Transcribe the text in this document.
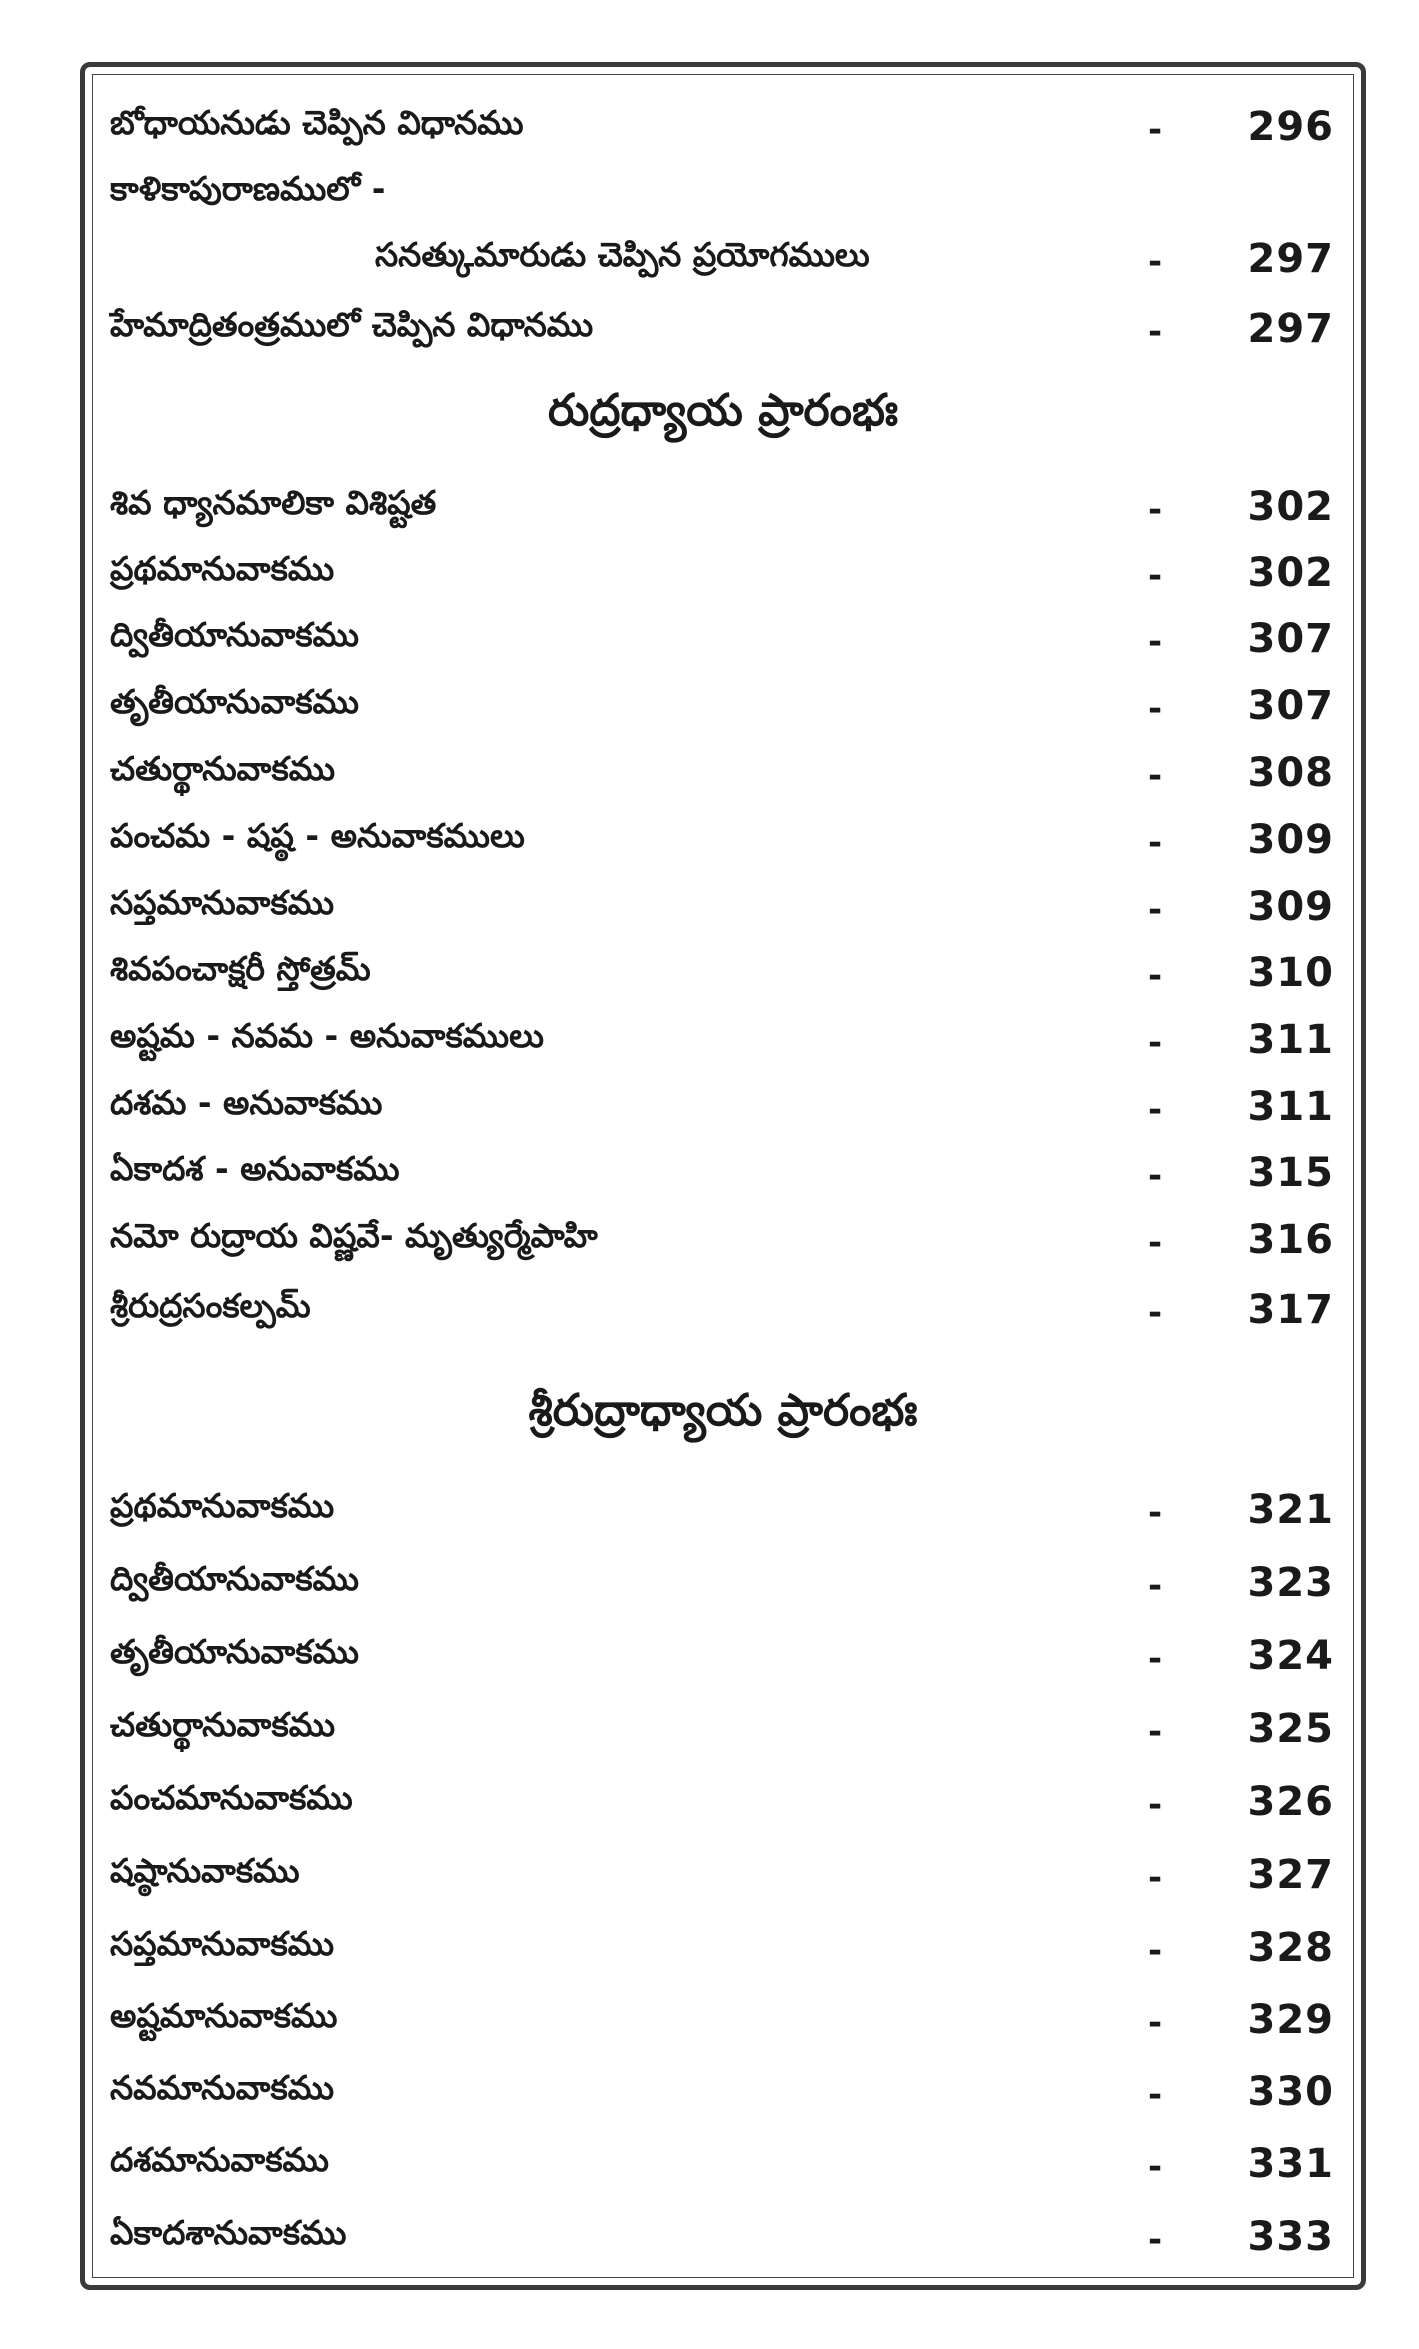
బోధాయనుడు చెప్పిన విధానము	-	296
కాళికాపురాణములో -
సనత్కుమారుడు చెప్పిన ప్రయోగములు	-	297
హేమాద్రితంత్రములో చెప్పిన విధానము	-	297
రుద్రధ్యాయ ప్రారంభః
శివ ధ్యానమాలికా విశిష్టత	-	302
ప్రథమానువాకము	-	302
ద్వితీయానువాకము	-	307
తృతీయానువాకము	-	307
చతుర్థానువాకము	-	308
పంచమ - షష్ఠ - అనువాకములు	-	309
సప్తమానువాకము	-	309
శివపంచాక్షరీ స్తోత్రమ్	-	310
అష్టమ - నవమ - అనువాకములు	-	311
దశమ - అనువాకము	-	311
ఏకాదశ - అనువాకము	-	315
నమో రుద్రాయ విష్ణవే- మృత్యుర్మేపాహి	-	316
శ్రీరుద్రసంకల్పమ్	-	317
శ్రీరుద్రాధ్యాయ ప్రారంభః
ప్రథమానువాకము	-	321
ద్వితీయానువాకము	-	323
తృతీయానువాకము	-	324
చతుర్థానువాకము	-	325
పంచమానువాకము	-	326
షష్ఠానువాకము	-	327
సప్తమానువాకము	-	328
అష్టమానువాకము	-	329
నవమానువాకము	-	330
దశమానువాకము	-	331
ఏకాదశానువాకము	-	333
